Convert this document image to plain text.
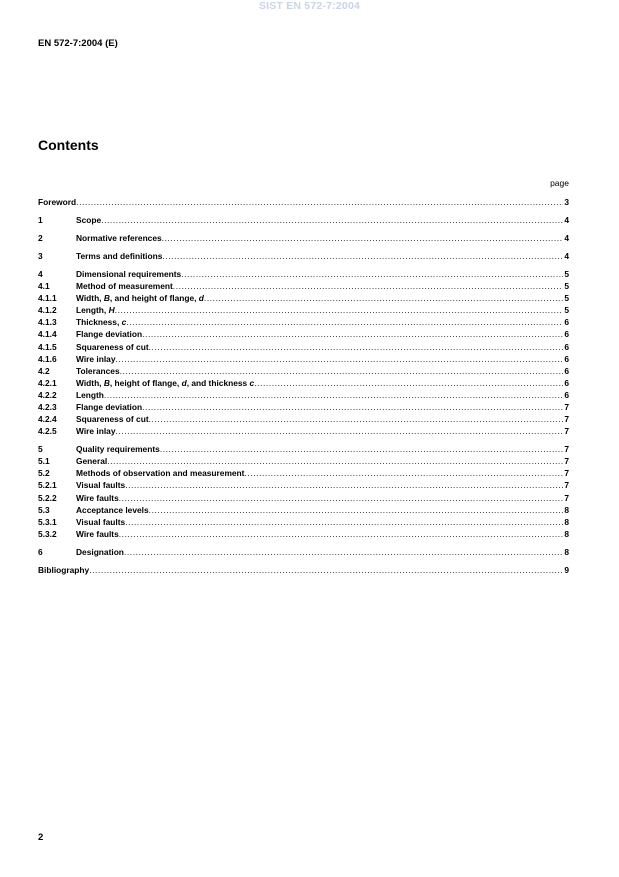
SIST EN 572-7:2004
EN 572-7:2004 (E)
Contents
page
Foreword .....	3
1	Scope .....	4
2	Normative references .....	4
3	Terms and definitions .....	4
4	Dimensional requirements .....	5
4.1	Method of measurement .....	5
4.1.1	Width, B, and height of flange, d .....	5
4.1.2	Length, H .....	5
4.1.3	Thickness, c .....	6
4.1.4	Flange deviation .....	6
4.1.5	Squareness of cut .....	6
4.1.6	Wire inlay .....	6
4.2	Tolerances .....	6
4.2.1	Width, B, height of flange, d, and thickness c .....	6
4.2.2	Length .....	6
4.2.3	Flange deviation .....	7
4.2.4	Squareness of cut .....	7
4.2.5	Wire inlay .....	7
5	Quality requirements .....	7
5.1	General .....	7
5.2	Methods of observation and measurement .....	7
5.2.1	Visual faults .....	7
5.2.2	Wire faults .....	7
5.3	Acceptance levels .....	8
5.3.1	Visual faults .....	8
5.3.2	Wire faults .....	8
6	Designation .....	8
Bibliography .....	9
2
